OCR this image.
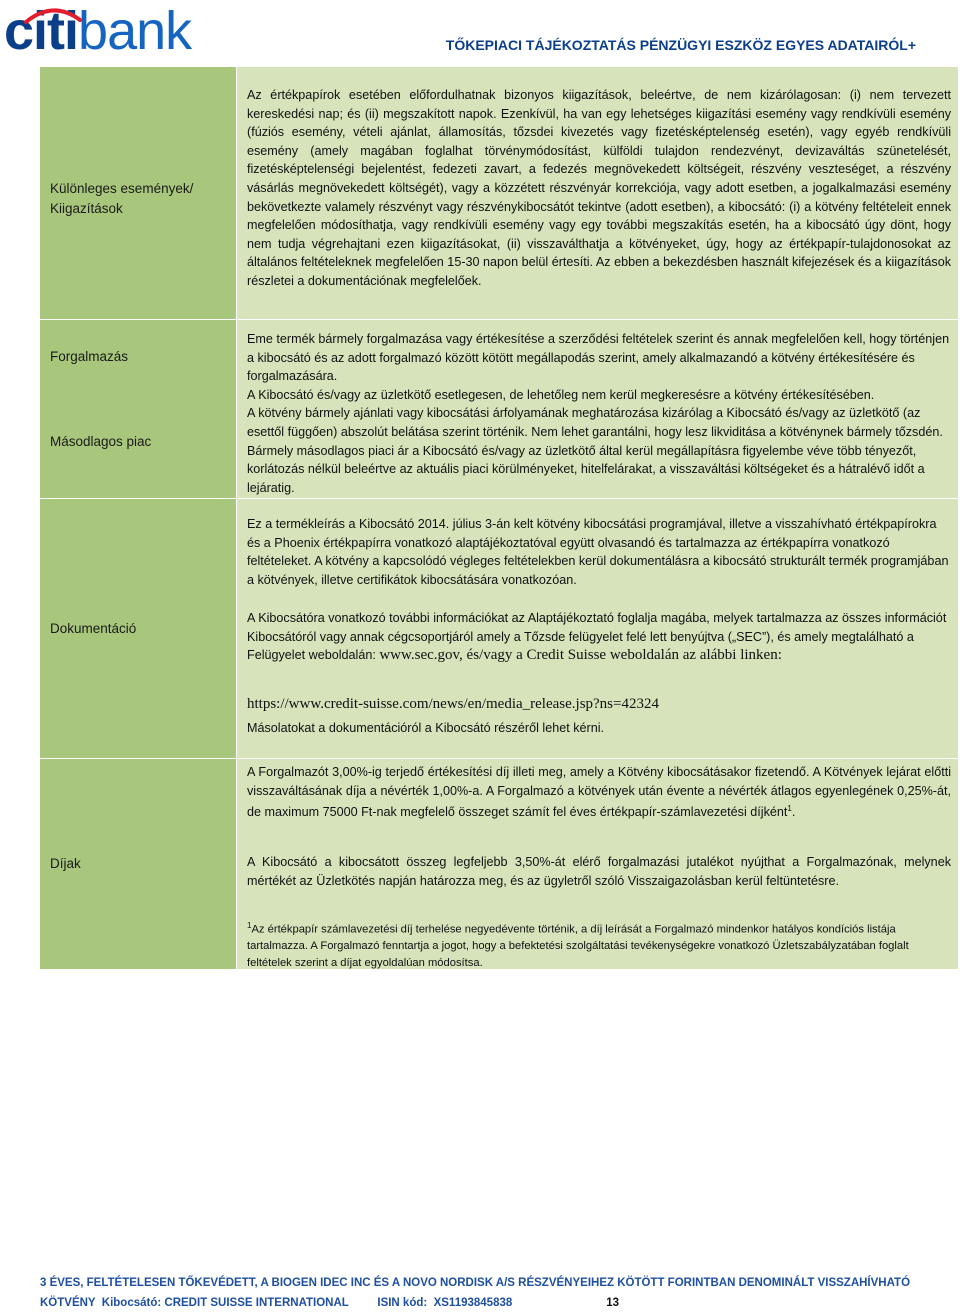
citibank	TŐKEPIACI TÁJÉKOZTATÁS PÉNZÜGYI ESZKÖZ EGYES ADATAIRÓL+
Különleges események/
Kiigazítások
Az értékpapírok esetében előfordulhatnak bizonyos kiigazítások, beleértve, de nem kizárólagosan: (i) nem tervezett kereskedési nap; és (ii) megszakított napok. Ezenkívül, ha van egy lehetséges kiigazítási esemény vagy rendkívüli esemény (fúziós esemény, vételi ajánlat, államosítás, tőzsdei kivezetés vagy fizetésképtelenség esetén), vagy egyéb rendkívüli esemény (amely magában foglalhat törvénymódosítást, külföldi tulajdon rendezvényt, devizaváltás szünetelését, fizetésképtelenségi bejelentést, fedezeti zavart, a fedezés megnövekedett költségeit, részvény veszteséget, a részvény vásárlás megnövekedett költségét), vagy a közzétett részvényár korrekciója, vagy adott esetben, a jogalkalmazási esemény bekövetkezte valamely részvényt vagy részvénykibocsátót tekintve (adott esetben), a kibocsátó: (i) a kötvény feltételeit ennek megfelelően módosíthatja, vagy rendkívüli esemény vagy egy további megszakítás esetén, ha a kibocsátó úgy dönt, hogy nem tudja végrehajtani ezen kiigazításokat, (ii) visszaválthatja a kötvényeket, úgy, hogy az értékpapír-tulajdonosokat az általános feltételeknek megfelelően 15-30 napon belül értesíti. Az ebben a bekezdésben használt kifejezések és a kiigazítások részletei a dokumentációnak megfelelőek.
Forgalmazás
Másodlagos piac
Eme termék bármely forgalmazása vagy értékesítése a szerződési feltételek szerint és annak megfelelően kell, hogy történjen a kibocsátó és az adott forgalmazó között kötött megállapodás szerint, amely alkalmazandó a kötvény értékesítésére és forgalmazására.
A Kibocsátó és/vagy az üzletkötő esetlegesen, de lehetőleg nem kerül megkeresésre a kötvény értékesítésében.
A kötvény bármely ajánlati vagy kibocsátási árfolyamának meghatározása kizárólag a Kibocsátó és/vagy az üzletkötő (az esettől függően) abszolút belátása szerint történik. Nem lehet garantálni, hogy lesz likviditása a kötvénynek bármely tőzsdén. Bármely másodlagos piaci ár a Kibocsátó és/vagy az üzletkötő által kerül megállapításra figyelembe véve több tényezőt, korlátozás nélkül beleértve az aktuális piaci körülményeket, hitelfelárakat, a visszaváltási költségeket és a hátralévő időt a lejáratig.
Dokumentáció
Ez a termékleírás a Kibocsátó 2014. július 3-án kelt kötvény kibocsátási programjával, illetve a visszahívható értékpapírokra és a Phoenix értékpapírra vonatkozó alaptájékoztatóval együtt olvasandó és tartalmazza az értékpapírra vonatkozó feltételeket. A kötvény a kapcsolódó végleges feltételekben kerül dokumentálásra a kibocsátó strukturált termék programjában a kötvények, illetve certifikátok kibocsátására vonatkozóan.
A Kibocsátóra vonatkozó további információkat az Alaptájékoztató foglalja magába, melyek tartalmazza az összes információt Kibocsátóról vagy annak cégcsoportjáról amely a Tőzsde felügyelet felé lett benyújtva („SEC”), és amely megtalálható a Felügyelet weboldalán: www.sec.gov, és/vagy a Credit Suisse weboldalán az alábbi linken:
https://www.credit-suisse.com/news/en/media_release.jsp?ns=42324
Másolatokat a dokumentációról a Kibocsátó részéről lehet kérni.
Díjak
A Forgalmazót 3,00%-ig terjedő értékesítési díj illeti meg, amely a Kötvény kibocsátásakor fizetendő. A Kötvények lejárat előtti visszaváltásának díja a névérték 1,00%-a. A Forgalmazó a kötvények után évente a névérték átlagos egyenlegének 0,25%-át, de maximum 75000 Ft-nak megfelelő összeget számít fel éves értékpapír-számlavezetési díjként$^1$.
A Kibocsátó a kibocsátott összeg legfeljebb 3,50%-át elérő forgalmazási jutalékot nyújthat a Forgalmazónak, melynek mértékét az Üzletkötés napján határozza meg, és az ügyletről szóló Visszaigazolásban kerül feltüntetésre.
$^1$Az értékpapír számlavezetési díj terhelése negyedévente történik, a díj leírását a Forgalmazó mindenkor hatályos kondíciós listája tartalmazza. A Forgalmazó fenntartja a jogot, hogy a befektetési szolgáltatási tevékenységekre vonatkozó Üzletszabályzatában foglalt feltételek szerint a díjat egyoldalúan módosítsa.
3 ÉVES, FELTÉTELESEN TŐKEVÉDETT, A BIOGEN IDEC INC ÉS A NOVO NORDISK A/S RÉSZVÉNYEIHEZ KÖTÖTT FORINTBAN DENOMINÁLT VISSZAHÍVHATÓ
KÖTVÉNY  Kibocsátó: CREDIT SUISSE INTERNATIONAL         ISIN kód:  XS1193845838	13
